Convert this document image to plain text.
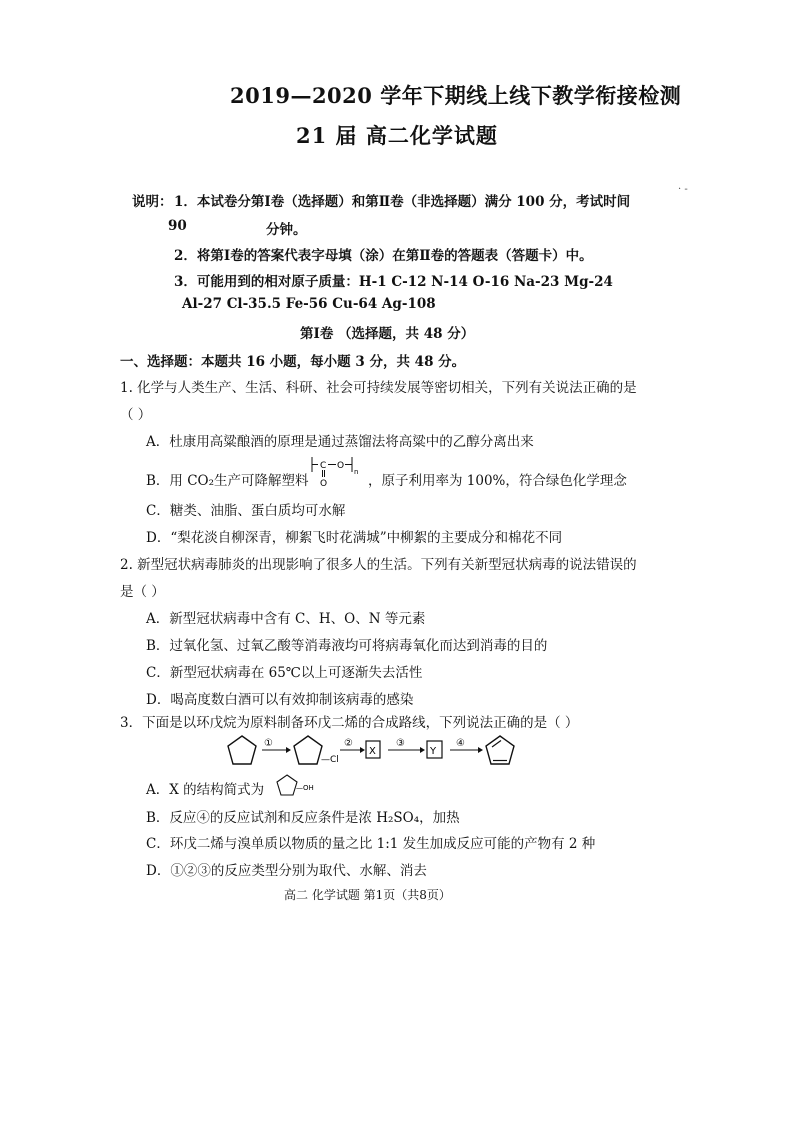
2019—2020 学年下期线上线下教学衔接检测
21 届 高二化学试题
· -
说明： 1．本试卷分第Ⅰ卷（选择题）和第Ⅱ卷（非选择题）满分 100 分，考试时间
90	分钟。
2．将第Ⅰ卷的答案代表字母填（涂）在第Ⅱ卷的答题表（答题卡）中。
3．可能用到的相对原子质量：H-1 C-12 N-14 O-16 Na-23 Mg-24
Al-27 Cl-35.5 Fe-56 Cu-64 Ag-108
第Ⅰ卷 （选择题，共 48 分）
一、选择题：本题共 16 小题，每小题 3 分，共 48 分。
1. 化学与人类生产、生活、科研、社会可持续发展等密切相关，下列有关说法正确的是
（ ）
A．杜康用高粱酿酒的原理是通过蒸馏法将高粱中的乙醇分离出来
B．用 CO₂生产可降解塑料
C O
n
O	，原子利用率为 100%，符合绿色化学理念
C．糖类、油脂、蛋白质均可水解
D．“梨花淡自柳深青，柳絮飞时花满城”中柳絮的主要成分和棉花不同
2. 新型冠状病毒肺炎的出现影响了很多人的生活。下列有关新型冠状病毒的说法错误的
是（ ）
A．新型冠状病毒中含有 C、H、O、N 等元素
B．过氧化氢、过氧乙酸等消毒液均可将病毒氧化而达到消毒的目的
C．新型冠状病毒在 65℃以上可逐渐失去活性
D．喝高度数白酒可以有效抑制该病毒的感染
3．下面是以环戊烷为原料制备环戊二烯的合成路线，下列说法正确的是（ ）
①
—Cl
②
X
③
Y
④
A．X 的结构简式为	—OH
B．反应④的反应试剂和反应条件是浓 H₂SO₄，加热
C．环戊二烯与溴单质以物质的量之比 1:1 发生加成反应可能的产物有 2 种
D．①②③的反应类型分别为取代、水解、消去
高二 化学试题 第1页（共8页）
